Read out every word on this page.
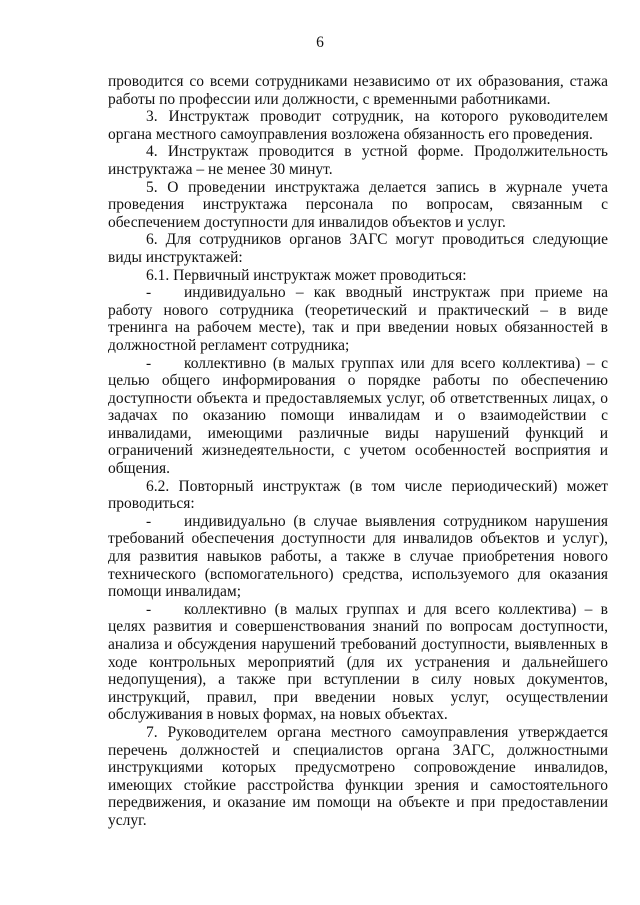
6

проводится со всеми сотрудниками независимо от их образования, стажа работы по профессии или должности, с временными работниками.

3. Инструктаж проводит сотрудник, на которого руководителем органа местного самоуправления возложена обязанность его проведения.

4. Инструктаж проводится в устной форме. Продолжительность инструктажа – не менее 30 минут.

5. О проведении инструктажа делается запись в журнале учета проведения инструктажа персонала по вопросам, связанным с обеспечением доступности для инвалидов объектов и услуг.

6. Для сотрудников органов ЗАГС могут проводиться следующие виды инструктажей:

6.1. Первичный инструктаж может проводиться:

- индивидуально – как вводный инструктаж при приеме на работу нового сотрудника (теоретический и практический – в виде тренинга на рабочем месте), так и при введении новых обязанностей в должностной регламент сотрудника;

- коллективно (в малых группах или для всего коллектива) – с целью общего информирования о порядке работы по обеспечению доступности объекта и предоставляемых услуг, об ответственных лицах, о задачах по оказанию помощи инвалидам и о взаимодействии с инвалидами, имеющими различные виды нарушений функций и ограничений жизнедеятельности, с учетом особенностей восприятия и общения.

6.2. Повторный инструктаж (в том числе периодический) может проводиться:

- индивидуально (в случае выявления сотрудником нарушения требований обеспечения доступности для инвалидов объектов и услуг), для развития навыков работы, а также в случае приобретения нового технического (вспомогательного) средства, используемого для оказания помощи инвалидам;

- коллективно (в малых группах и для всего коллектива) – в целях развития и совершенствования знаний по вопросам доступности, анализа и обсуждения нарушений требований доступности, выявленных в ходе контрольных мероприятий (для их устранения и дальнейшего недопущения), а также при вступлении в силу новых документов, инструкций, правил, при введении новых услуг, осуществлении обслуживания в новых формах, на новых объектах.

7. Руководителем органа местного самоуправления утверждается перечень должностей и специалистов органа ЗАГС, должностными инструкциями которых предусмотрено сопровождение инвалидов, имеющих стойкие расстройства функции зрения и самостоятельного передвижения, и оказание им помощи на объекте и при предоставлении услуг.
